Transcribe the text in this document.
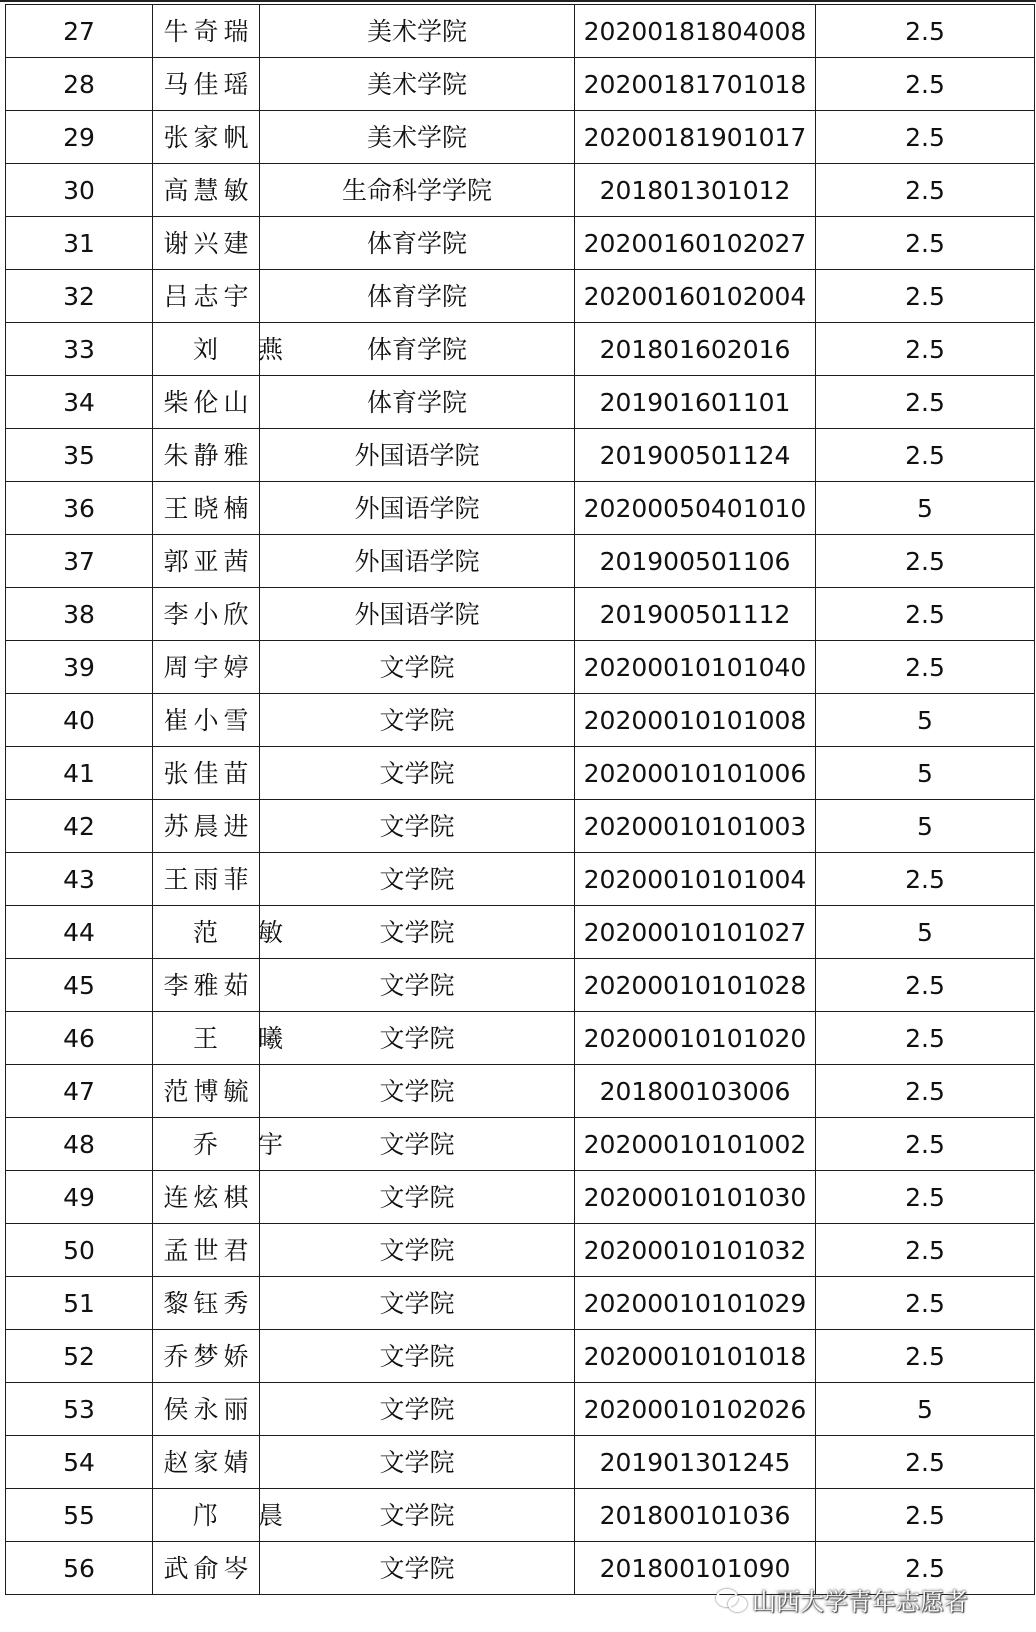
27	牛奇瑞	美术学院	20200181804008	2.5
28	马佳瑶	美术学院	20200181701018	2.5
29	张家帆	美术学院	20200181901017	2.5
30	高慧敏	生命科学学院	201801301012	2.5
31	谢兴建	体育学院	20200160102027	2.5
32	吕志宇	体育学院	20200160102004	2.5
33	刘燕	体育学院	201801602016	2.5
34	柴伦山	体育学院	201901601101	2.5
35	朱静雅	外国语学院	201900501124	2.5
36	王晓楠	外国语学院	20200050401010	5
37	郭亚茜	外国语学院	201900501106	2.5
38	李小欣	外国语学院	201900501112	2.5
39	周宇婷	文学院	20200010101040	2.5
40	崔小雪	文学院	20200010101008	5
41	张佳苗	文学院	20200010101006	5
42	苏晨进	文学院	20200010101003	5
43	王雨菲	文学院	20200010101004	2.5
44	范敏	文学院	20200010101027	5
45	李雅茹	文学院	20200010101028	2.5
46	王曦	文学院	20200010101020	2.5
47	范博毓	文学院	201800103006	2.5
48	乔宇	文学院	20200010101002	2.5
49	连炫棋	文学院	20200010101030	2.5
50	孟世君	文学院	20200010101032	2.5
51	黎钰秀	文学院	20200010101029	2.5
52	乔梦娇	文学院	20200010101018	2.5
53	侯永丽	文学院	20200010102026	5
54	赵家婧	文学院	201901301245	2.5
55	邝晨	文学院	201800101036	2.5
56	武俞岑	文学院	201800101090	2.5
山西大学青年志愿者
